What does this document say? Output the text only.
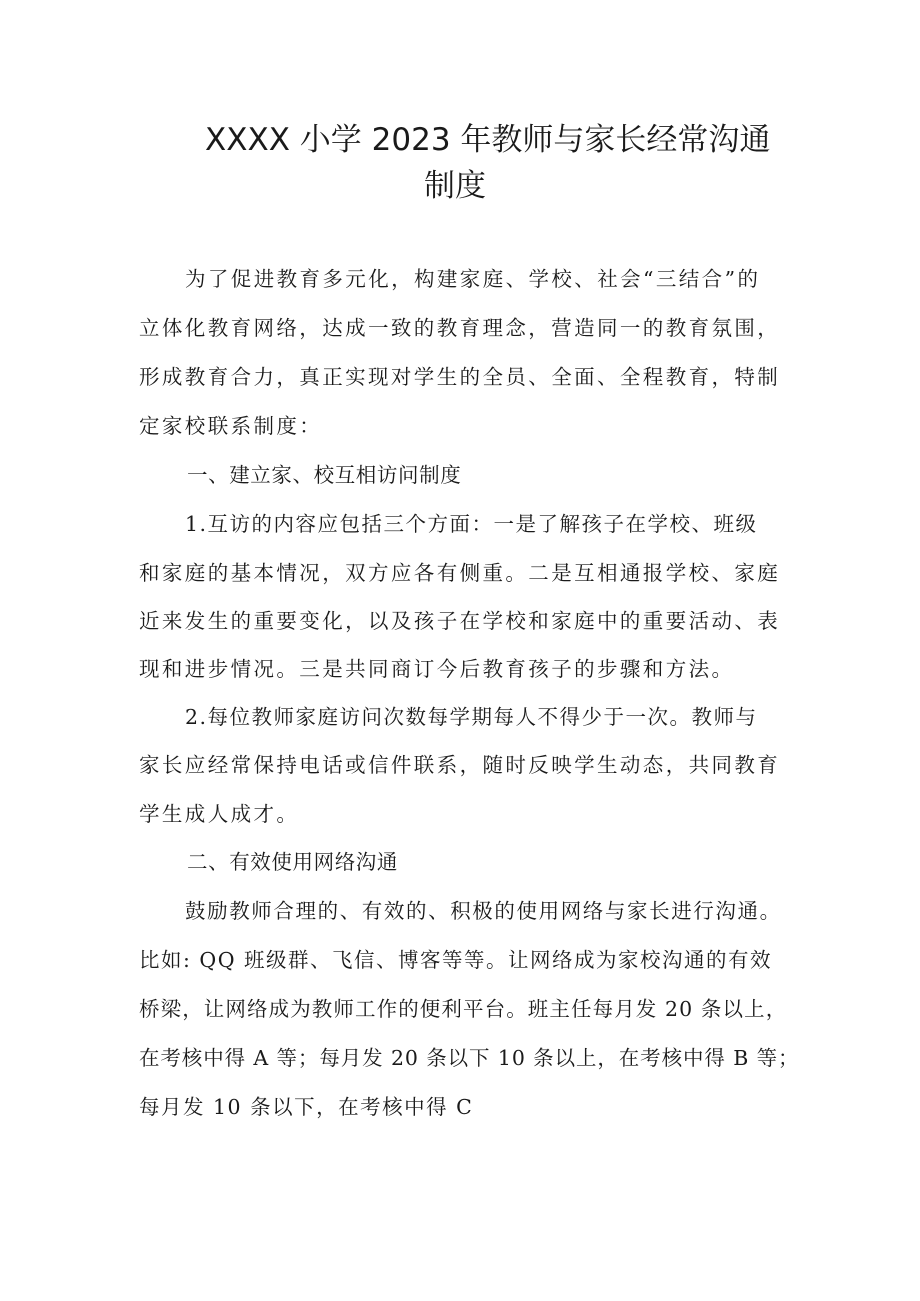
XXXX 小学 2023 年教师与家长经常沟通
制度
为了促进教育多元化，构建家庭、学校、社会“三结合”的
立体化教育网络，达成一致的教育理念，营造同一的教育氛围，
形成教育合力，真正实现对学生的全员、全面、全程教育，特制
定家校联系制度：
一、建立家、校互相访问制度
1.互访的内容应包括三个方面：一是了解孩子在学校、班级
和家庭的基本情况，双方应各有侧重。二是互相通报学校、家庭
近来发生的重要变化，以及孩子在学校和家庭中的重要活动、表
现和进步情况。三是共同商订今后教育孩子的步骤和方法。
2.每位教师家庭访问次数每学期每人不得少于一次。教师与
家长应经常保持电话或信件联系，随时反映学生动态，共同教育
学生成人成才。
二、有效使用网络沟通
鼓励教师合理的、有效的、积极的使用网络与家长进行沟通。
比如: QQ 班级群、飞信、博客等等。让网络成为家校沟通的有效
桥梁，让网络成为教师工作的便利平台。班主任每月发 20 条以上，
在考核中得 A 等；每月发 20 条以下 10 条以上，在考核中得 B 等；
每月发 10 条以下，在考核中得 C
